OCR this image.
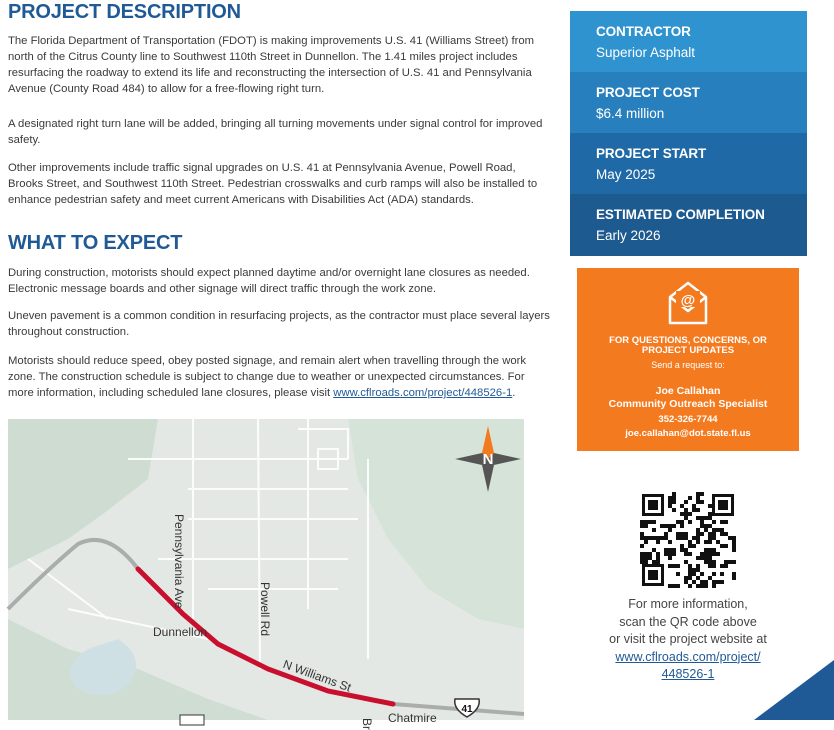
PROJECT DESCRIPTION

The Florida Department of Transportation (FDOT) is making improvements U.S. 41 (Williams Street) from north of the Citrus County line to Southwest 110th Street in Dunnellon. The 1.41 miles project includes resurfacing the roadway to extend its life and reconstructing the intersection of U.S. 41 and Pennsylvania Avenue (County Road 484) to allow for a free-flowing right turn.

A designated right turn lane will be added, bringing all turning movements under signal control for improved safety.

Other improvements include traffic signal upgrades on U.S. 41 at Pennsylvania Avenue, Powell Road, Brooks Street, and Southwest 110th Street. Pedestrian crosswalks and curb ramps will also be installed to enhance pedestrian safety and meet current Americans with Disabilities Act (ADA) standards.

WHAT TO EXPECT

During construction, motorists should expect planned daytime and/or overnight lane closures as needed. Electronic message boards and other signage will direct traffic through the work zone.

Uneven pavement is a common condition in resurfacing projects, as the contractor must place several layers throughout construction.

Motorists should reduce speed, obey posted signage, and remain alert when travelling through the work zone. The construction schedule is subject to change due to weather or unexpected circumstances. For more information, including scheduled lane closures, please visit www.cflroads.com/project/448526-1.

41
N
Pennsylvania Ave
Powell Rd
Dunnellon
N Williams St
Br Chatmire
CONTRACTOR
Superior Asphalt
PROJECT COST
$6.4 million
PROJECT START
May 2025
ESTIMATED COMPLETION
Early 2026
@
FOR QUESTIONS, CONCERNS, OR
PROJECT UPDATES
Send a request to:
Joe Callahan
Community Outreach Specialist
352-326-7744
joe.callahan@dot.state.fl.us
For more information,
scan the QR code above
or visit the project website at
www.cflroads.com/project/
448526-1
